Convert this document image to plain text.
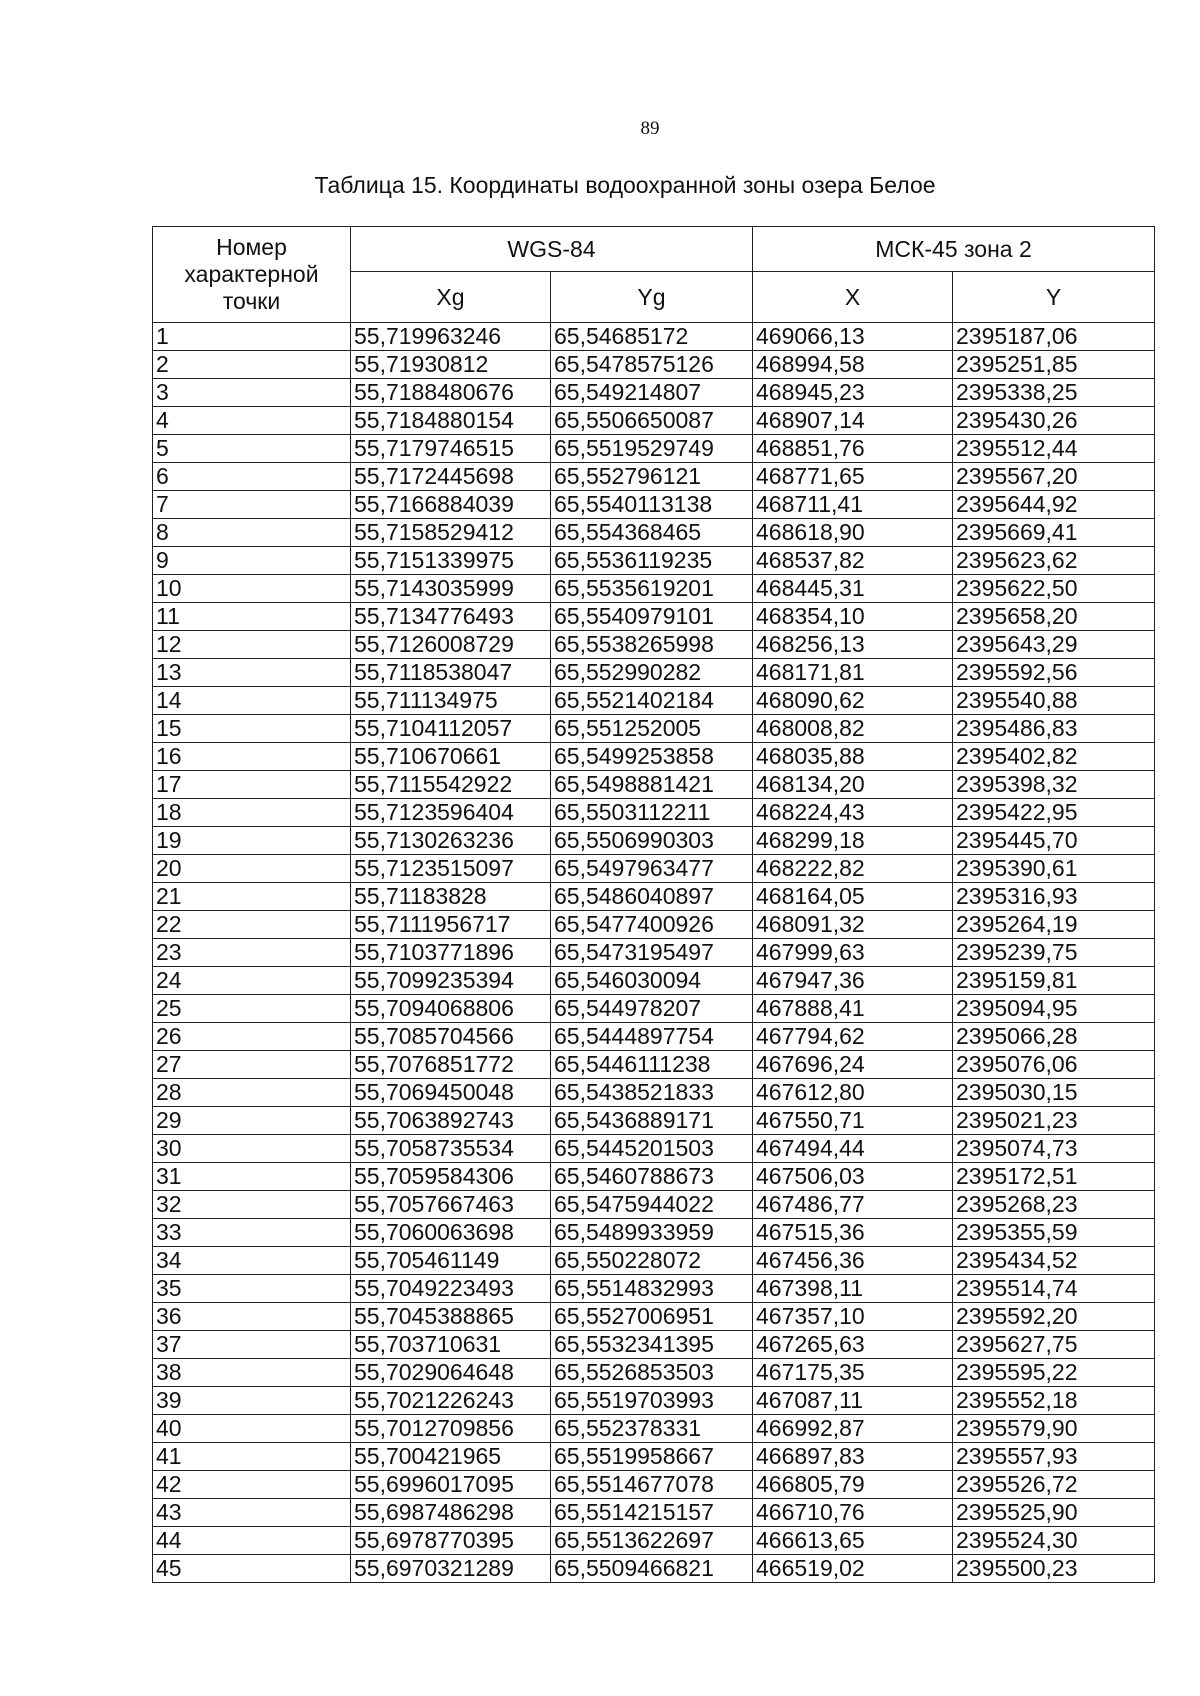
89
Таблица 15. Координаты водоохранной зоны озера Белое
Номер характерной точки	WGS-84		МСК-45 зона 2	
	Xg	Yg	X	Y
1	55,719963246	65,54685172	469066,13	2395187,06
2	55,71930812	65,5478575126	468994,58	2395251,85
3	55,7188480676	65,549214807	468945,23	2395338,25
4	55,7184880154	65,5506650087	468907,14	2395430,26
5	55,7179746515	65,5519529749	468851,76	2395512,44
6	55,7172445698	65,552796121	468771,65	2395567,20
7	55,7166884039	65,5540113138	468711,41	2395644,92
8	55,7158529412	65,554368465	468618,90	2395669,41
9	55,7151339975	65,5536119235	468537,82	2395623,62
10	55,7143035999	65,5535619201	468445,31	2395622,50
11	55,7134776493	65,5540979101	468354,10	2395658,20
12	55,7126008729	65,5538265998	468256,13	2395643,29
13	55,7118538047	65,552990282	468171,81	2395592,56
14	55,711134975	65,5521402184	468090,62	2395540,88
15	55,7104112057	65,551252005	468008,82	2395486,83
16	55,710670661	65,5499253858	468035,88	2395402,82
17	55,7115542922	65,5498881421	468134,20	2395398,32
18	55,7123596404	65,5503112211	468224,43	2395422,95
19	55,7130263236	65,5506990303	468299,18	2395445,70
20	55,7123515097	65,5497963477	468222,82	2395390,61
21	55,71183828	65,5486040897	468164,05	2395316,93
22	55,7111956717	65,5477400926	468091,32	2395264,19
23	55,7103771896	65,5473195497	467999,63	2395239,75
24	55,7099235394	65,546030094	467947,36	2395159,81
25	55,7094068806	65,544978207	467888,41	2395094,95
26	55,7085704566	65,5444897754	467794,62	2395066,28
27	55,7076851772	65,5446111238	467696,24	2395076,06
28	55,7069450048	65,5438521833	467612,80	2395030,15
29	55,7063892743	65,5436889171	467550,71	2395021,23
30	55,7058735534	65,5445201503	467494,44	2395074,73
31	55,7059584306	65,5460788673	467506,03	2395172,51
32	55,7057667463	65,5475944022	467486,77	2395268,23
33	55,7060063698	65,5489933959	467515,36	2395355,59
34	55,705461149	65,550228072	467456,36	2395434,52
35	55,7049223493	65,5514832993	467398,11	2395514,74
36	55,7045388865	65,5527006951	467357,10	2395592,20
37	55,703710631	65,5532341395	467265,63	2395627,75
38	55,7029064648	65,5526853503	467175,35	2395595,22
39	55,7021226243	65,5519703993	467087,11	2395552,18
40	55,7012709856	65,552378331	466992,87	2395579,90
41	55,700421965	65,5519958667	466897,83	2395557,93
42	55,6996017095	65,5514677078	466805,79	2395526,72
43	55,6987486298	65,5514215157	466710,76	2395525,90
44	55,6978770395	65,5513622697	466613,65	2395524,30
45	55,6970321289	65,5509466821	466519,02	2395500,23
